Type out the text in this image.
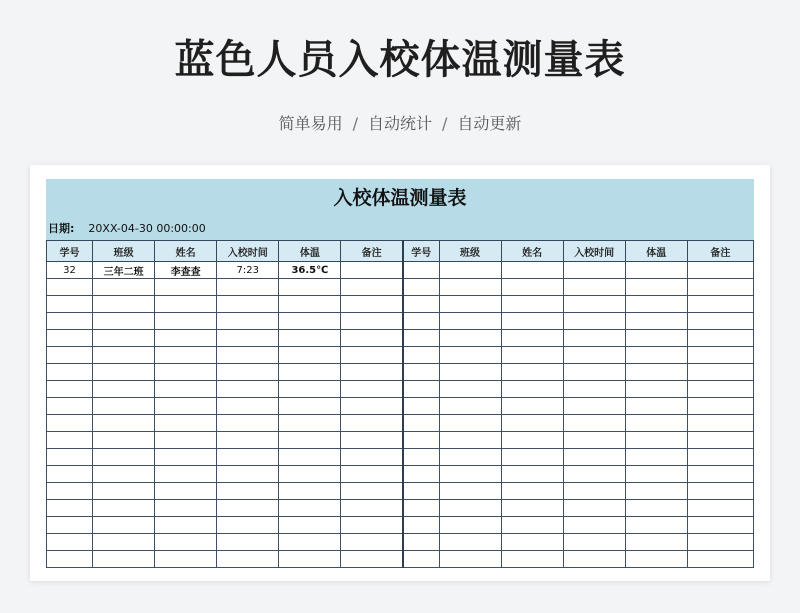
蓝色人员入校体温测量表
简单易用 / 自动统计 / 自动更新
入校体温测量表
日期: 20XX-04-30 00:00:00
学号	班级	姓名	入校时间	体温	备注	学号	班级	姓名	入校时间	体温	备注
32	三年二班	李查查	7:23	36.5℃							
